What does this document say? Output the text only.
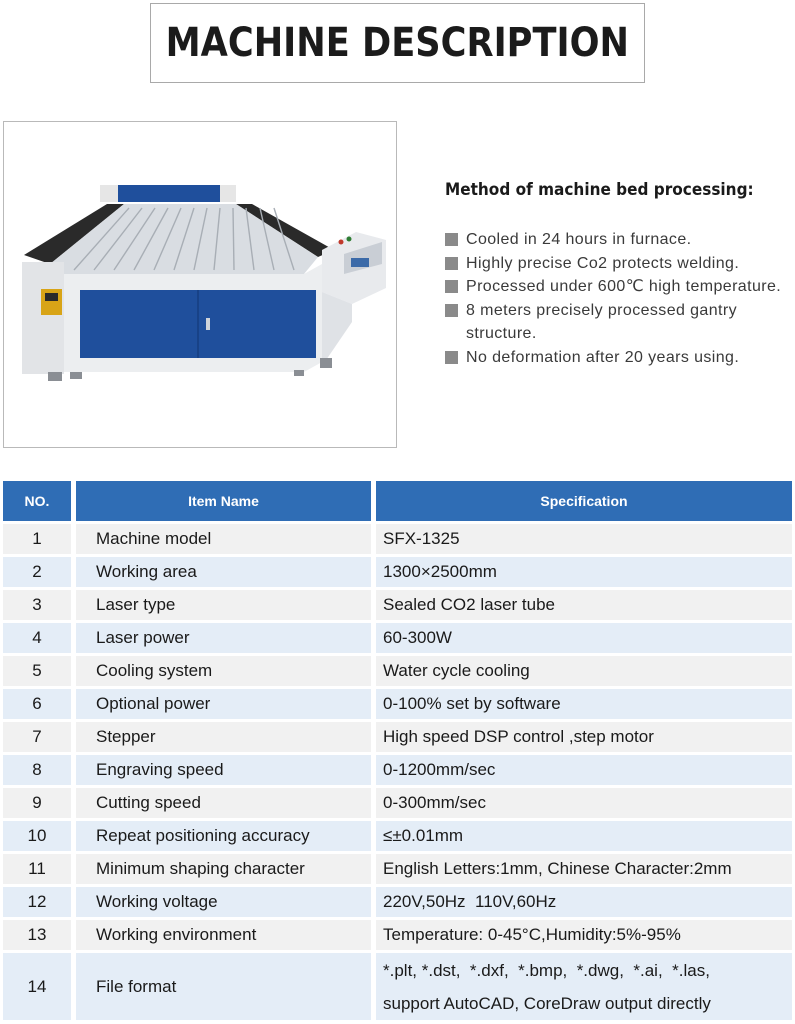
MACHINE DESCRIPTION
Method of machine bed processing:
Cooled in 24 hours in furnace.
Highly precise Co2 protects welding.
Processed under 600℃ high temperature.
8 meters precisely processed gantry structure.
No deformation after 20 years using.
NO.	Item Name	Specification
1	Machine model	SFX-1325
2	Working area	1300×2500mm
3	Laser type	Sealed CO2 laser tube
4	Laser power	60-300W
5	Cooling system	Water cycle cooling
6	Optional power	0-100% set by software
7	Stepper	High speed DSP control ,step motor
8	Engraving speed	0-1200mm/sec
9	Cutting speed	0-300mm/sec
10	Repeat positioning accuracy	≤±0.01mm
11	Minimum shaping character	English Letters:1mm, Chinese Character:2mm
12	Working voltage	220V,50Hz  110V,60Hz
13	Working environment	Temperature: 0-45°C,Humidity:5%-95%
14	File format	*.plt, *.dst,  *.dxf,  *.bmp,  *.dwg,  *.ai,  *.las,
support AutoCAD, CoreDraw output directly
